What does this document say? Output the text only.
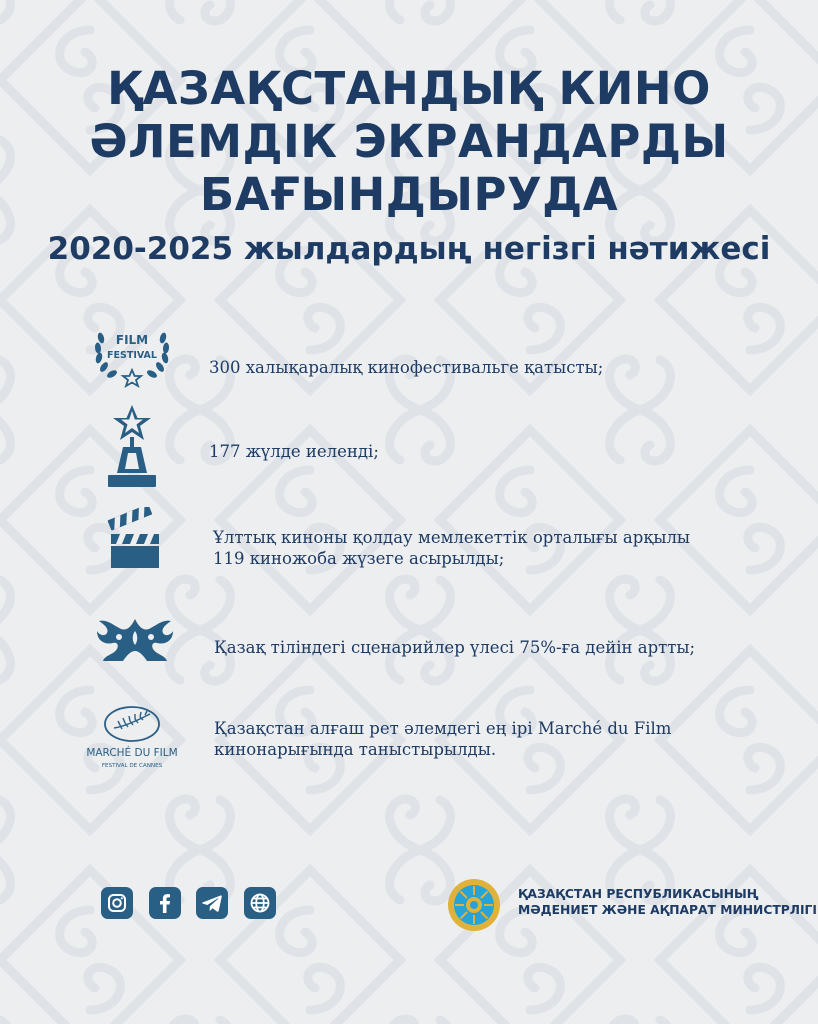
ҚАЗАҚСТАНДЫҚ КИНО
ӘЛЕМДІК ЭКРАНДАРДЫ
БАҒЫНДЫРУДА
2020-2025 жылдардың негізгі нәтижесі
FILM
FESTIVAL
300 халықаралық кинофестивальге қатысты;
177 жүлде иеленді;
Ұлттық киноны қолдау мемлекеттік орталығы арқылы
119 киножоба жүзеге асырылды;
Қазақ тіліндегі сценарийлер үлесі 75%-ға дейін артты;
MARCHÉ DU FILM
FESTIVAL DE CANNES
Қазақстан алғаш рет әлемдегі ең ірі Marché du Film
кинонарығында таныстырылды.
ҚАЗАҚСТАН РЕСПУБЛИКАСЫНЫҢ
МӘДЕНИЕТ ЖӘНЕ АҚПАРАТ МИНИСТРЛІГІ
